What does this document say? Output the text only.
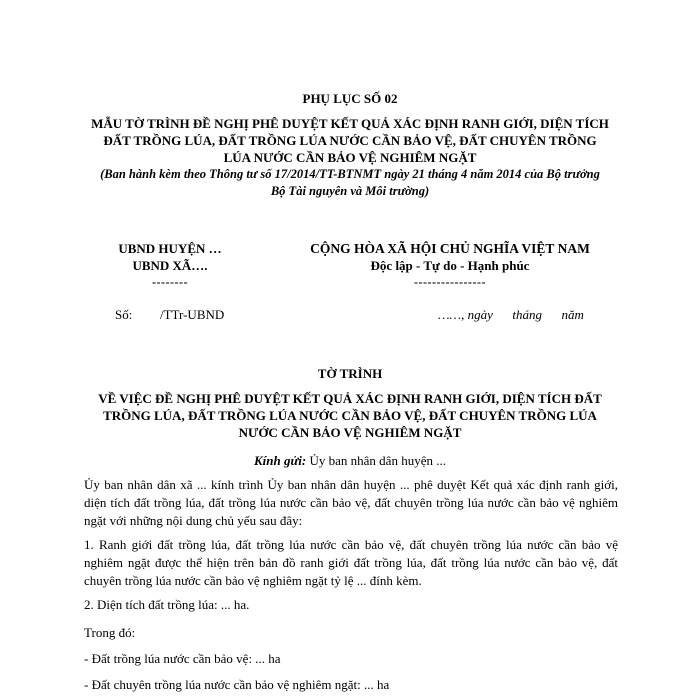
PHỤ LỤC SỐ 02
MẪU TỜ TRÌNH ĐỀ NGHỊ PHÊ DUYỆT KẾT QUẢ XÁC ĐỊNH RANH GIỚI, DIỆN TÍCH
ĐẤT TRỒNG LÚA, ĐẤT TRỒNG LÚA NƯỚC CẦN BẢO VỆ, ĐẤT CHUYÊN TRỒNG
LÚA NƯỚC CẦN BẢO VỆ NGHIÊM NGẶT
(Ban hành kèm theo Thông tư số 17/2014/TT-BTNMT ngày 21 tháng 4 năm 2014 của Bộ trưởng
Bộ Tài nguyên và Môi trường)
UBND HUYỆN …
UBND XÃ….
--------
CỘNG HÒA XÃ HỘI CHỦ NGHĨA VIỆT NAM
Độc lập - Tự do - Hạnh phúc
----------------
Số: /TTr-UBND	……, ngày      tháng      năm
TỜ TRÌNH
VỀ VIỆC ĐỀ NGHỊ PHÊ DUYỆT KẾT QUẢ XÁC ĐỊNH RANH GIỚI, DIỆN TÍCH ĐẤT
TRỒNG LÚA, ĐẤT TRỒNG LÚA NƯỚC CẦN BẢO VỆ, ĐẤT CHUYÊN TRỒNG LÚA
NƯỚC CẦN BẢO VỆ NGHIÊM NGẶT
Kính gửi: Ủy ban nhân dân huyện ...
Ủy ban nhân dân xã ... kính trình Ủy ban nhân dân huyện ... phê duyệt Kết quả xác định ranh giới, diện tích đất trồng lúa, đất trồng lúa nước cần bảo vệ, đất chuyên trồng lúa nước cần bảo vệ nghiêm ngặt với những nội dung chủ yếu sau đây:
1. Ranh giới đất trồng lúa, đất trồng lúa nước cần bảo vệ, đất chuyên trồng lúa nước cần bảo vệ nghiêm ngặt được thể hiện trên bản đồ ranh giới đất trồng lúa, đất trồng lúa nước cần bảo vệ, đất chuyên trồng lúa nước cần bảo vệ nghiêm ngặt tỷ lệ ... đính kèm.
2. Diện tích đất trồng lúa: ... ha.
Trong đó:
- Đất trồng lúa nước cần bảo vệ: ... ha
- Đất chuyên trồng lúa nước cần bảo vệ nghiêm ngặt: ... ha
